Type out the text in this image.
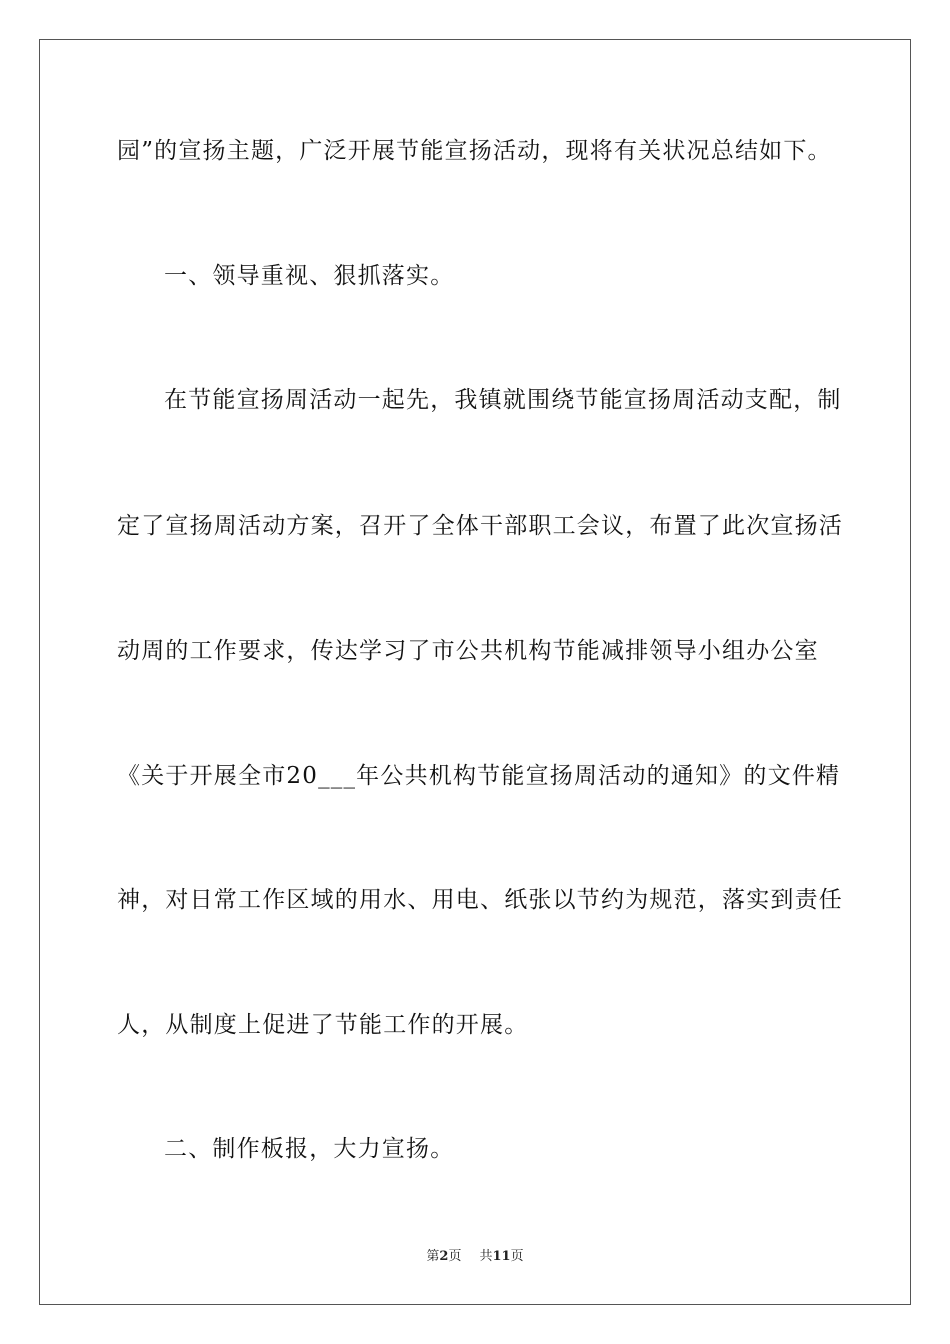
园”的宣扬主题，广泛开展节能宣扬活动，现将有关状况总结如下。
一、领导重视、狠抓落实。
在节能宣扬周活动一起先，我镇就围绕节能宣扬周活动支配，制
定了宣扬周活动方案，召开了全体干部职工会议，布置了此次宣扬活
动周的工作要求，传达学习了市公共机构节能减排领导小组办公室
《关于开展全市20___年公共机构节能宣扬周活动的通知》的文件精
神，对日常工作区域的用水、用电、纸张以节约为规范，落实到责任
人，从制度上促进了节能工作的开展。
二、制作板报，大力宣扬。
第2页 共11页
